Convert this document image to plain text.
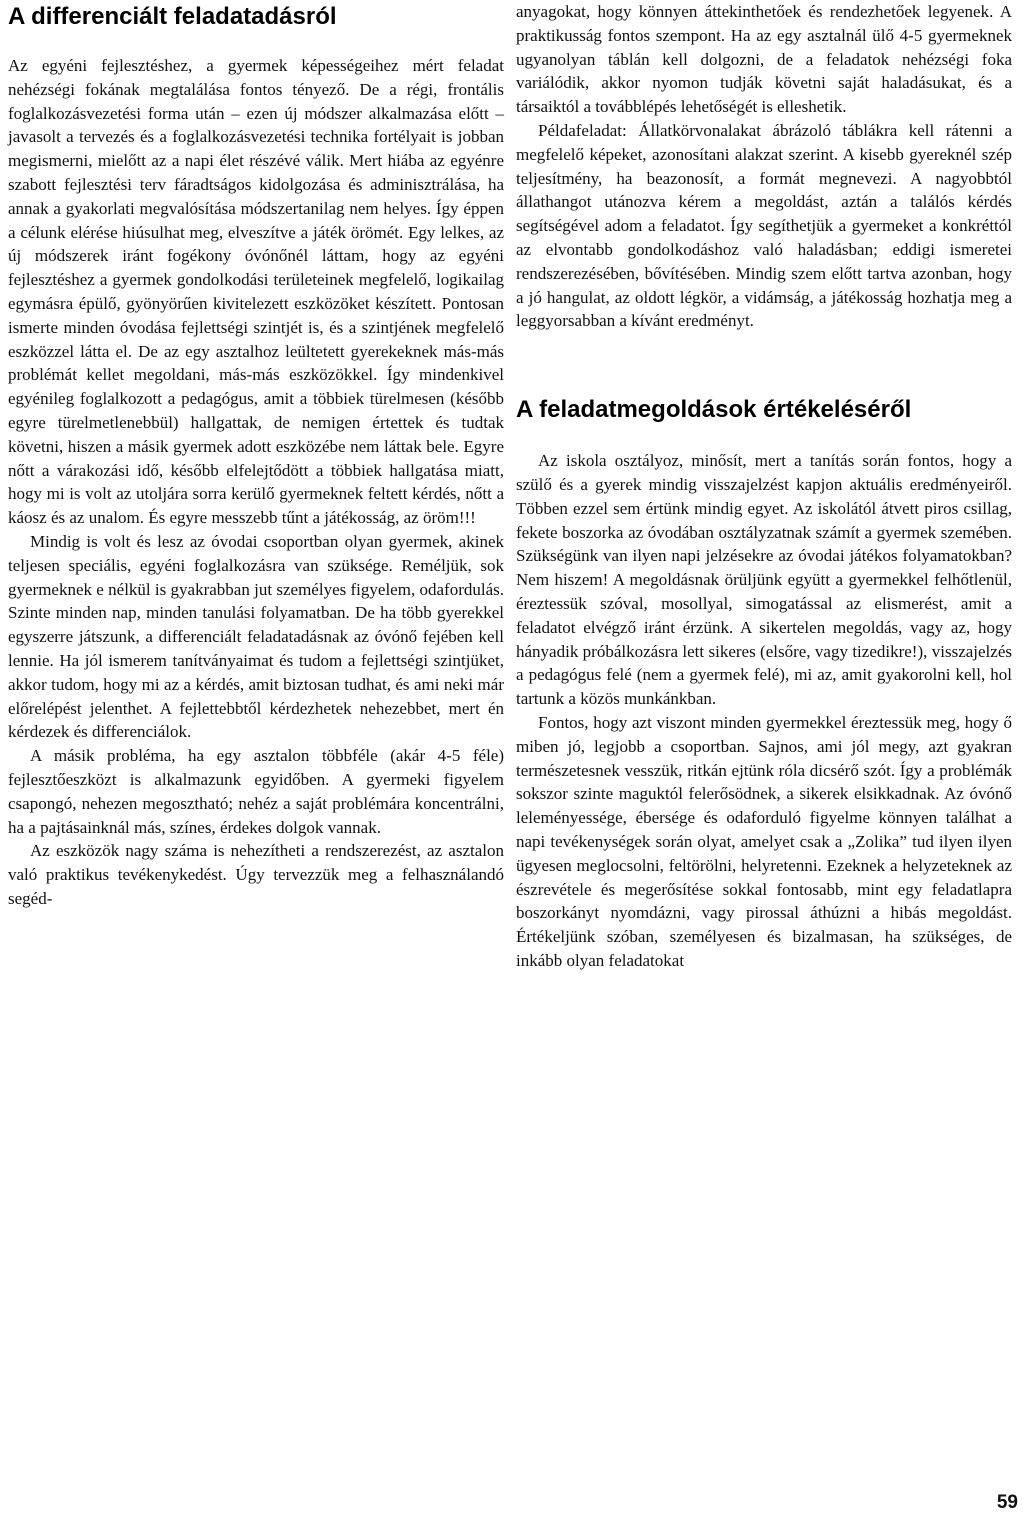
A differenciált feladatadásról

Az egyéni fejlesztéshez, a gyermek képességeihez mért feladat nehézségi fokának megtalálása fontos tényező. De a régi, frontális foglalkozásvezetési forma után – ezen új módszer alkalmazása előtt – javasolt a tervezés és a foglalkozásvezetési technika fortélyait is jobban megismerni, mielőtt az a napi élet részévé válik. Mert hiába az egyénre szabott fejlesztési terv fáradtságos kidolgozása és adminisztrálása, ha annak a gyakorlati megvalósítása módszertanilag nem helyes. Így éppen a célunk elérése hiúsulhat meg, elveszítve a játék örömét. Egy lelkes, az új módszerek iránt fogékony óvónőnél láttam, hogy az egyéni fejlesztéshez a gyermek gondolkodási területeinek megfelelő, logikailag egymásra épülő, gyönyörűen kivitelezett eszközöket készített. Pontosan ismerte minden óvodása fejlettségi szintjét is, és a szintjének megfelelő eszközzel látta el. De az egy asztalhoz leültetett gyerekeknek más-más problémát kellet megoldani, más-más eszközökkel. Így mindenkivel egyénileg foglalkozott a pedagógus, amit a többiek türelmesen (később egyre türelmetlenebbül) hallgattak, de nemigen értettek és tudtak követni, hiszen a másik gyermek adott eszközébe nem láttak bele. Egyre nőtt a várakozási idő, később elfelejtődött a többiek hallgatása miatt, hogy mi is volt az utoljára sorra kerülő gyermeknek feltett kérdés, nőtt a káosz és az unalom. És egyre messzebb tűnt a játékosság, az öröm!!!

Mindig is volt és lesz az óvodai csoportban olyan gyermek, akinek teljesen speciális, egyéni foglalkozásra van szüksége. Reméljük, sok gyermeknek e nélkül is gyakrabban jut személyes figyelem, odafordulás. Szinte minden nap, minden tanulási folyamatban. De ha több gyerekkel egyszerre játszunk, a differenciált feladatadásnak az óvónő fejében kell lennie. Ha jól ismerem tanítványaimat és tudom a fejlettségi szintjüket, akkor tudom, hogy mi az a kérdés, amit biztosan tudhat, és ami neki már előrelépést jelenthet. A fejlettebbtől kérdezhetek nehezebbet, mert én kérdezek és differenciálok.

A másik probléma, ha egy asztalon többféle (akár 4-5 féle) fejlesztőeszközt is alkalmazunk egyidőben. A gyermeki figyelem csapongó, nehezen megosztható; nehéz a saját problémára koncentrálni, ha a pajtásainknál más, színes, érdekes dolgok vannak.

Az eszközök nagy száma is nehezítheti a rendszerezést, az asztalon való praktikus tevékenykedést. Úgy tervezzük meg a felhasználandó segéd-

anyagokat, hogy könnyen áttekinthetőek és rendezhetőek legyenek. A praktikusság fontos szempont. Ha az egy asztalnál ülő 4-5 gyermeknek ugyanolyan táblán kell dolgozni, de a feladatok nehézségi foka variálódik, akkor nyomon tudják követni saját haladásukat, és a társaiktól a továbblépés lehetőségét is elleshetik.

Példafeladat: Állatkörvonalakat ábrázoló táblákra kell rátenni a megfelelő képeket, azonosítani alakzat szerint. A kisebb gyereknél szép teljesítmény, ha beazonosít, a formát megnevezi. A nagyobbtól állathangot utánozva kérem a megoldást, aztán a találós kérdés segítségével adom a feladatot. Így segíthetjük a gyermeket a konkréttól az elvontabb gondolkodáshoz való haladásban; eddigi ismeretei rendszerezésében, bővítésében. Mindig szem előtt tartva azonban, hogy a jó hangulat, az oldott légkör, a vidámság, a játékosság hozhatja meg a leggyorsabban a kívánt eredményt.

A feladatmegoldások értékeléséről

Az iskola osztályoz, minősít, mert a tanítás során fontos, hogy a szülő és a gyerek mindig visszajelzést kapjon aktuális eredményeiről. Többen ezzel sem értünk mindig egyet. Az iskolától átvett piros csillag, fekete boszorka az óvodában osztályzatnak számít a gyermek szemében. Szükségünk van ilyen napi jelzésekre az óvodai játékos folyamatokban? Nem hiszem! A megoldásnak örüljünk együtt a gyermekkel felhőtlenül, éreztessük szóval, mosollyal, simogatással az elismerést, amit a feladatot elvégző iránt érzünk. A sikertelen megoldás, vagy az, hogy hányadik próbálkozásra lett sikeres (elsőre, vagy tizedikre!), visszajelzés a pedagógus felé (nem a gyermek felé), mi az, amit gyakorolni kell, hol tartunk a közös munkánkban.

Fontos, hogy azt viszont minden gyermekkel éreztessük meg, hogy ő miben jó, legjobb a csoportban. Sajnos, ami jól megy, azt gyakran természetesnek vesszük, ritkán ejtünk róla dicsérő szót. Így a problémák sokszor szinte maguktól felerősödnek, a sikerek elsikkadnak. Az óvónő leleményessége, ébersége és odaforduló figyelme könnyen találhat a napi tevékenységek során olyat, amelyet csak a „Zolika” tud ilyen ilyen ügyesen meglocsolni, feltörölni, helyretenni. Ezeknek a helyzeteknek az észrevétele és megerősítése sokkal fontosabb, mint egy feladatlapra boszorkányt nyomdázni, vagy pirossal áthúzni a hibás megoldást. Értékeljünk szóban, személyesen és bizalmasan, ha szükséges, de inkább olyan feladatokat

59
